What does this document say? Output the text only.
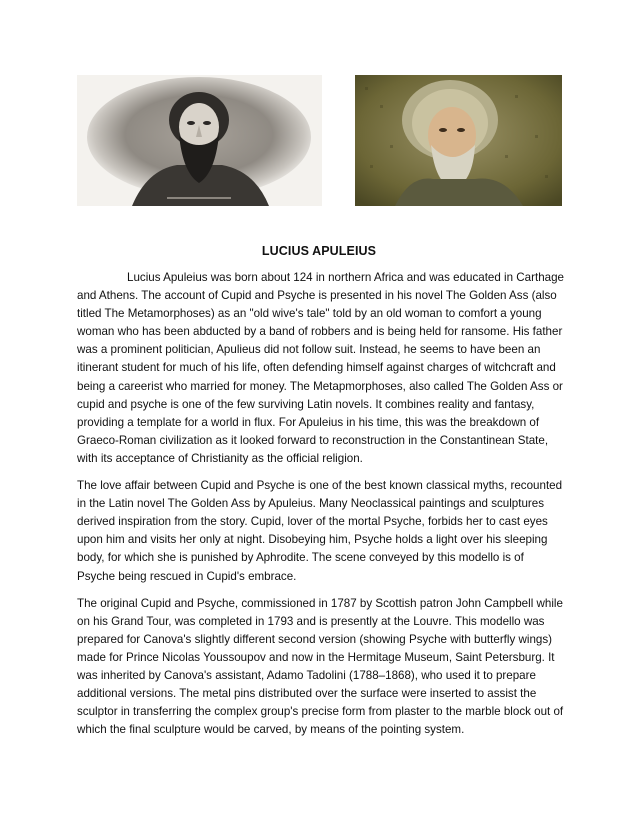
LUCIUS APULEIUS

Lucius Apuleius was born about 124 in northern Africa and was educated in Carthage and Athens. The account of Cupid and Psyche is presented in his novel The Golden Ass (also titled The Metamorphoses) as an "old wive's tale" told by an old woman to comfort a young woman who has been abducted by a band of robbers and is being held for ransome. His father was a prominent politician, Apulieus did not follow suit. Instead, he seems to have been an itinerant student for much of his life, often defending himself against charges of witchcraft and being a careerist who married for money. The Metapmorphoses, also called The Golden Ass or cupid and psyche is one of the few surviving Latin novels. It combines reality and fantasy, providing a template for a world in flux. For Apuleius in his time, this was the breakdown of Graeco-Roman civilization as it looked forward to reconstruction in the Constantinean State, with its acceptance of Christianity as the official religion.

The love affair between Cupid and Psyche is one of the best known classical myths, recounted in the Latin novel The Golden Ass by Apuleius. Many Neoclassical paintings and sculptures derived inspiration from the story. Cupid, lover of the mortal Psyche, forbids her to cast eyes upon him and visits her only at night. Disobeying him, Psyche holds a light over his sleeping body, for which she is punished by Aphrodite. The scene conveyed by this modello is of Psyche being rescued in Cupid's embrace.

The original Cupid and Psyche, commissioned in 1787 by Scottish patron John Campbell while on his Grand Tour, was completed in 1793 and is presently at the Louvre. This modello was prepared for Canova's slightly different second version (showing Psyche with butterfly wings) made for Prince Nicolas Youssoupov and now in the Hermitage Museum, Saint Petersburg. It was inherited by Canova's assistant, Adamo Tadolini (1788–1868), who used it to prepare additional versions. The metal pins distributed over the surface were inserted to assist the sculptor in transferring the complex group's precise form from plaster to the marble block out of which the final sculpture would be carved, by means of the pointing system.
